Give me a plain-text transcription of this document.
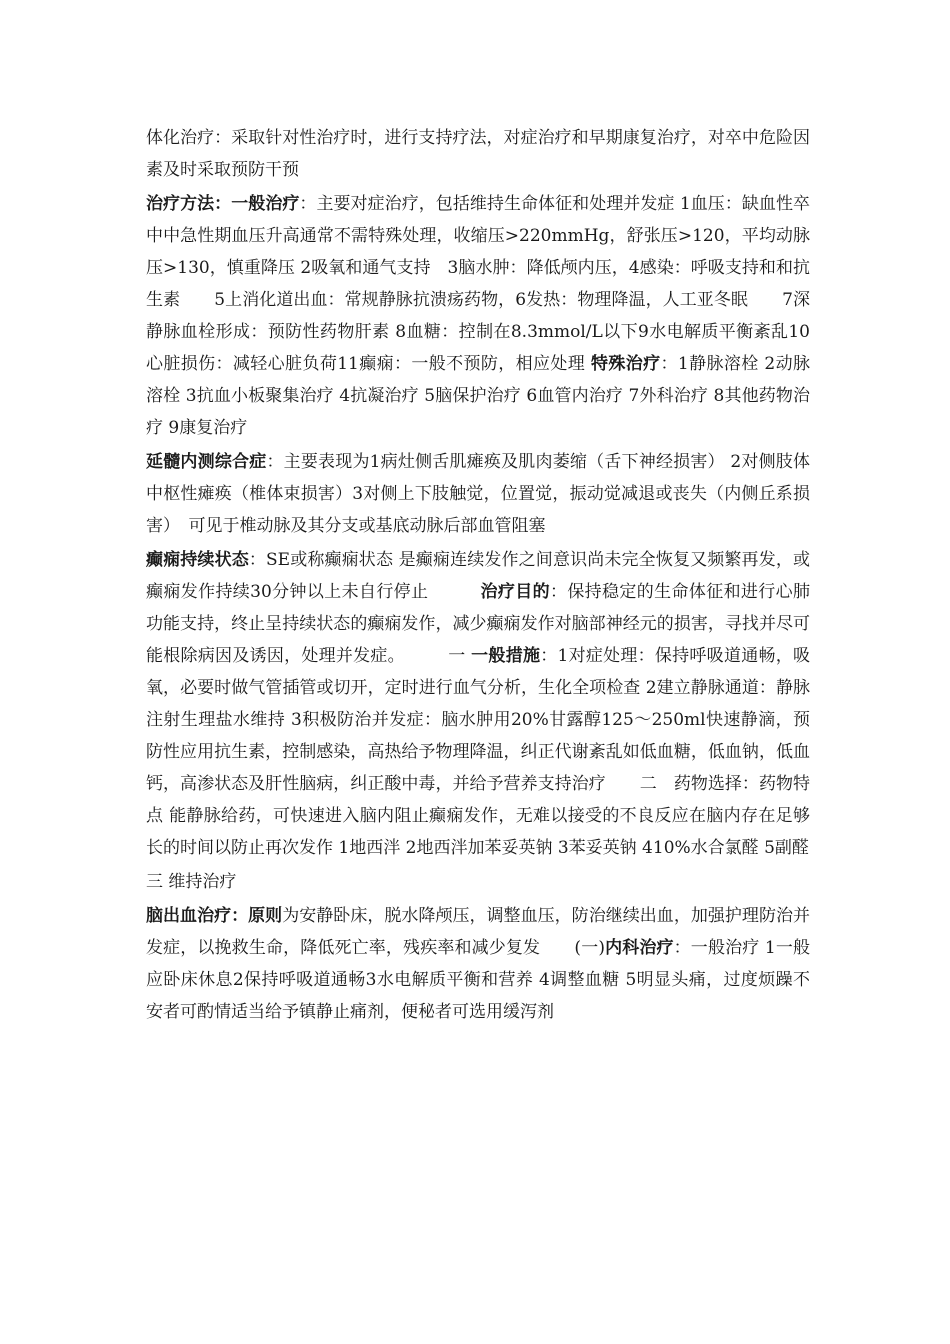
体化治疗：采取针对性治疗时，进行支持疗法，对症治疗和早期康复治疗，对卒中危险因素及时采取预防干预

治疗方法：一般治疗：主要对症治疗，包括维持生命体征和处理并发症 1血压：缺血性卒中中急性期血压升高通常不需特殊处理，收缩压>220mmHg，舒张压>120，平均动脉压>130，慎重降压 2吸氧和通气支持　3脑水肿：降低颅内压，4感染：呼吸支持和和抗生素　　5上消化道出血：常规静脉抗溃疡药物，6发热：物理降温，人工亚冬眠　　7深静脉血栓形成：预防性药物肝素 8血糖：控制在8.3mmol/L以下9水电解质平衡紊乱10心脏损伤：减轻心脏负荷11癫痫：一般不预防，相应处理 特殊治疗：1静脉溶栓 2动脉溶栓 3抗血小板聚集治疗 4抗凝治疗 5脑保护治疗 6血管内治疗 7外科治疗 8其他药物治疗 9康复治疗

延髓内测综合症：主要表现为1病灶侧舌肌瘫痪及肌肉萎缩（舌下神经损害） 2对侧肢体中枢性瘫痪（椎体束损害）3对侧上下肢触觉，位置觉，振动觉减退或丧失（内侧丘系损害）　可见于椎动脉及其分支或基底动脉后部血管阻塞

癫痫持续状态：SE或称癫痫状态 是癫痫连续发作之间意识尚未完全恢复又频繁再发，或癫痫发作持续30分钟以上未自行停止　　　治疗目的：保持稳定的生命体征和进行心肺功能支持，终止呈持续状态的癫痫发作，减少癫痫发作对脑部神经元的损害，寻找并尽可能根除病因及诱因，处理并发症。　　　一 一般措施：1对症处理：保持呼吸道通畅，吸氧，必要时做气管插管或切开，定时进行血气分析，生化全项检查 2建立静脉通道：静脉注射生理盐水维持 3积极防治并发症：脑水肿用20%甘露醇125～250ml快速静滴，预防性应用抗生素，控制感染，高热给予物理降温，纠正代谢紊乱如低血糖，低血钠，低血钙，高渗状态及肝性脑病，纠正酸中毒，并给予营养支持治疗　　二　药物选择：药物特点 能静脉给药，可快速进入脑内阻止癫痫发作，无难以接受的不良反应在脑内存在足够长的时间以防止再次发作 1地西泮 2地西泮加苯妥英钠 3苯妥英钠 410%水合氯醛 5副醛

三 维持治疗

脑出血治疗：原则为安静卧床，脱水降颅压，调整血压，防治继续出血，加强护理防治并发症，以挽救生命，降低死亡率，残疾率和减少复发　　(一)内科治疗：一般治疗 1一般应卧床休息2保持呼吸道通畅3水电解质平衡和营养 4调整血糖 5明显头痛，过度烦躁不安者可酌情适当给予镇静止痛剂，便秘者可选用缓泻剂
